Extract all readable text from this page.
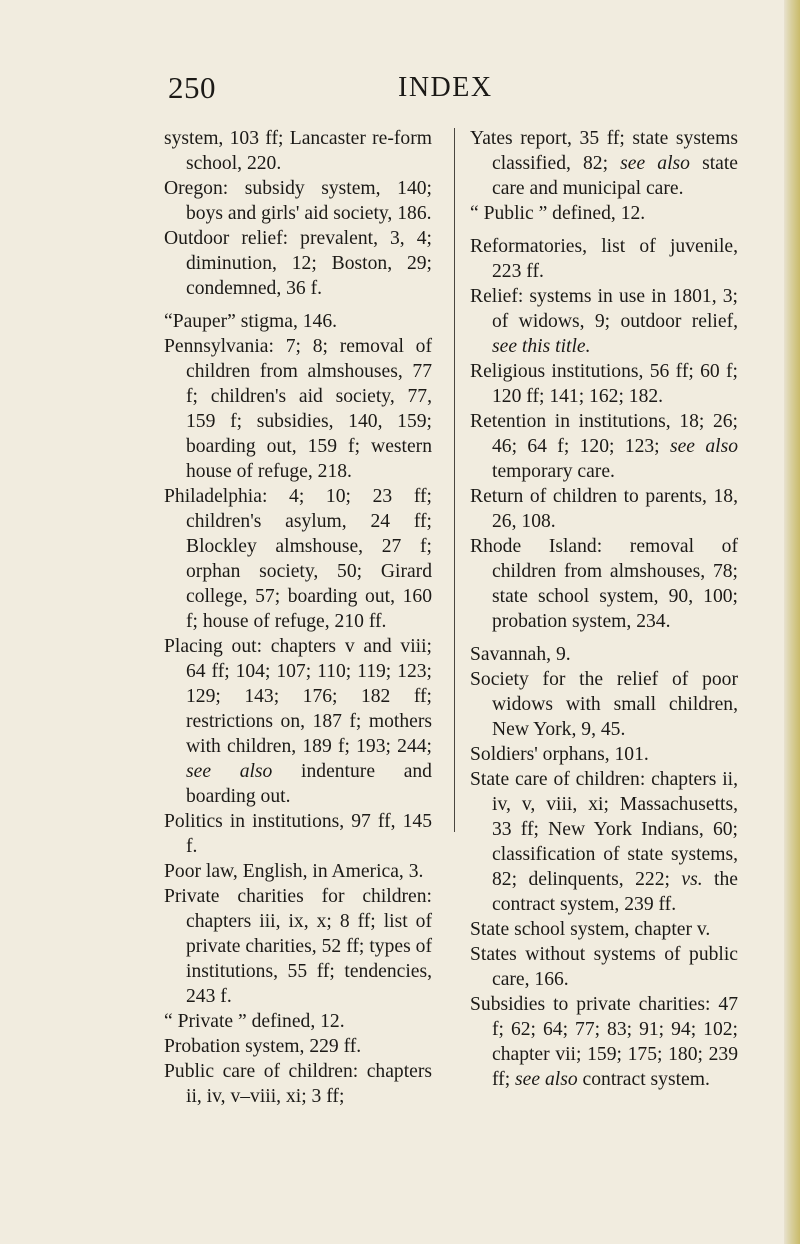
250	INDEX

system, 103 ff; Lancaster re-form school, 220.

Oregon: subsidy system, 140; boys and girls' aid society, 186.

Outdoor relief: prevalent, 3, 4; diminution, 12; Boston, 29; condemned, 36 f.

“Pauper” stigma, 146.

Pennsylvania: 7; 8; removal of children from almshouses, 77 f; children's aid society, 77, 159 f; subsidies, 140, 159; boarding out, 159 f; western house of refuge, 218.

Philadelphia: 4; 10; 23 ff; children's asylum, 24 ff; Blockley almshouse, 27 f; orphan society, 50; Girard college, 57; boarding out, 160 f; house of refuge, 210 ff.

Placing out: chapters v and viii; 64 ff; 104; 107; 110; 119; 123; 129; 143; 176; 182 ff; restrictions on, 187 f; mothers with children, 189 f; 193; 244; see also indenture and boarding out.

Politics in institutions, 97 ff, 145 f.

Poor law, English, in America, 3.

Private charities for children: chapters iii, ix, x; 8 ff; list of private charities, 52 ff; types of institutions, 55 ff; tendencies, 243 f.

“ Private ” defined, 12.

Probation system, 229 ff.

Public care of children: chapters ii, iv, v–viii, xi; 3 ff;

Yates report, 35 ff; state systems classified, 82; see also state care and municipal care.

“ Public ” defined, 12.

Reformatories, list of juvenile, 223 ff.

Relief: systems in use in 1801, 3; of widows, 9; outdoor relief, see this title.

Religious institutions, 56 ff; 60 f; 120 ff; 141; 162; 182.

Retention in institutions, 18; 26; 46; 64 f; 120; 123; see also temporary care.

Return of children to parents, 18, 26, 108.

Rhode Island: removal of children from almshouses, 78; state school system, 90, 100; probation system, 234.

Savannah, 9.

Society for the relief of poor widows with small children, New York, 9, 45.

Soldiers' orphans, 101.

State care of children: chapters ii, iv, v, viii, xi; Massachusetts, 33 ff; New York Indians, 60; classification of state systems, 82; delinquents, 222; vs. the contract system, 239 ff.

State school system, chapter v.

States without systems of public care, 166.

Subsidies to private charities: 47 f; 62; 64; 77; 83; 91; 94; 102; chapter vii; 159; 175; 180; 239 ff; see also contract system.
